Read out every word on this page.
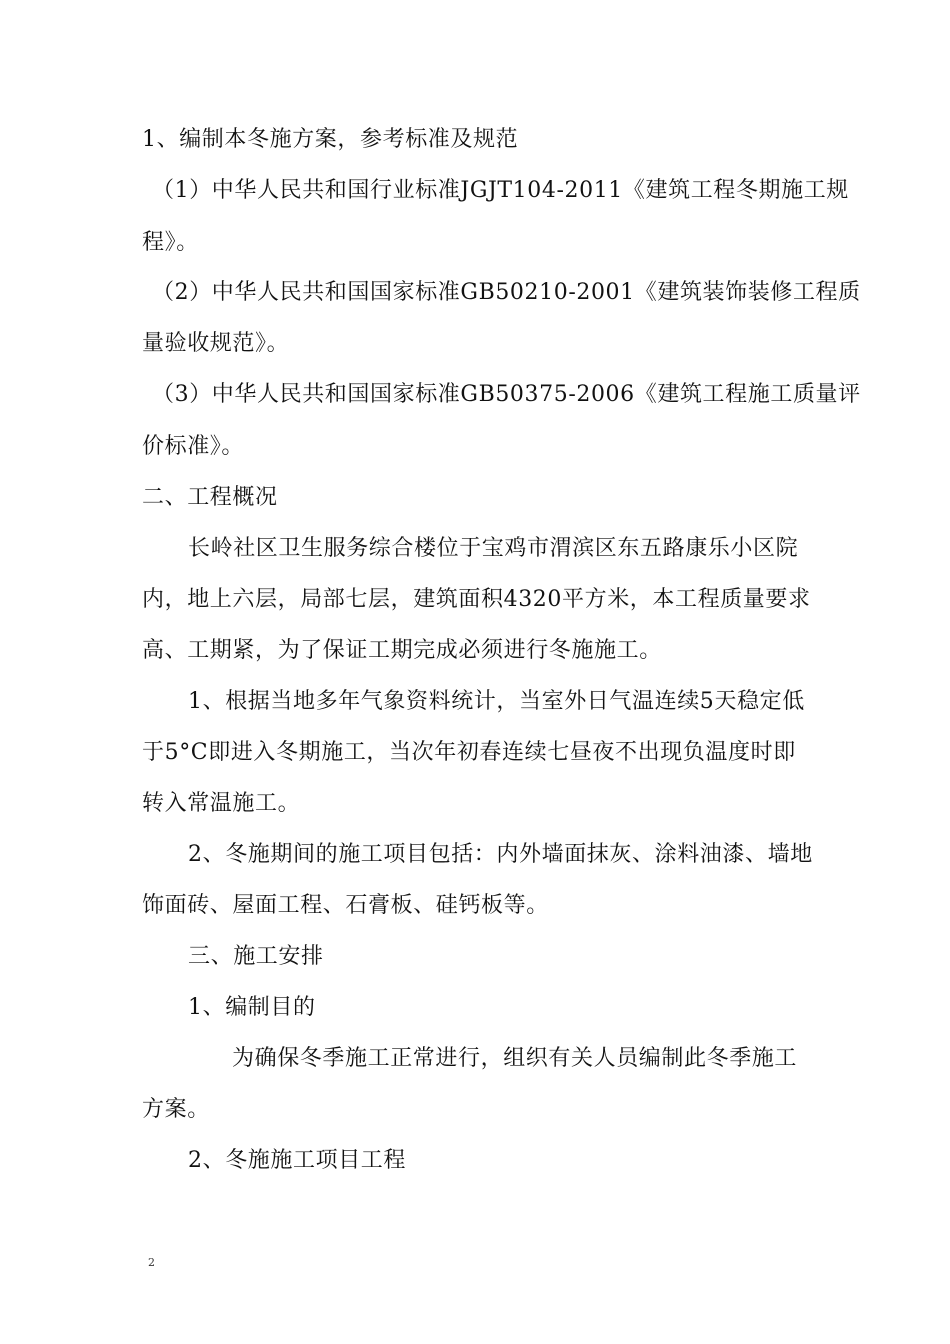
1、编制本冬施方案，参考标准及规范
（1）中华人民共和国行业标准JGJT104-2011《建筑工程冬期施工规
程》。
（2）中华人民共和国国家标准GB50210-2001《建筑装饰装修工程质
量验收规范》。
（3）中华人民共和国国家标准GB50375-2006《建筑工程施工质量评
价标准》。
二、工程概况
长岭社区卫生服务综合楼位于宝鸡市渭滨区东五路康乐小区院
内，地上六层，局部七层，建筑面积4320平方米，本工程质量要求
高、工期紧，为了保证工期完成必须进行冬施施工。
1、根据当地多年气象资料统计，当室外日气温连续5天稳定低
于5°C即进入冬期施工，当次年初春连续七昼夜不出现负温度时即
转入常温施工。
2、冬施期间的施工项目包括：内外墙面抹灰、涂料油漆、墙地
饰面砖、屋面工程、石膏板、硅钙板等。
三、施工安排
1、编制目的
为确保冬季施工正常进行，组织有关人员编制此冬季施工
方案。
2、冬施施工项目工程
2
